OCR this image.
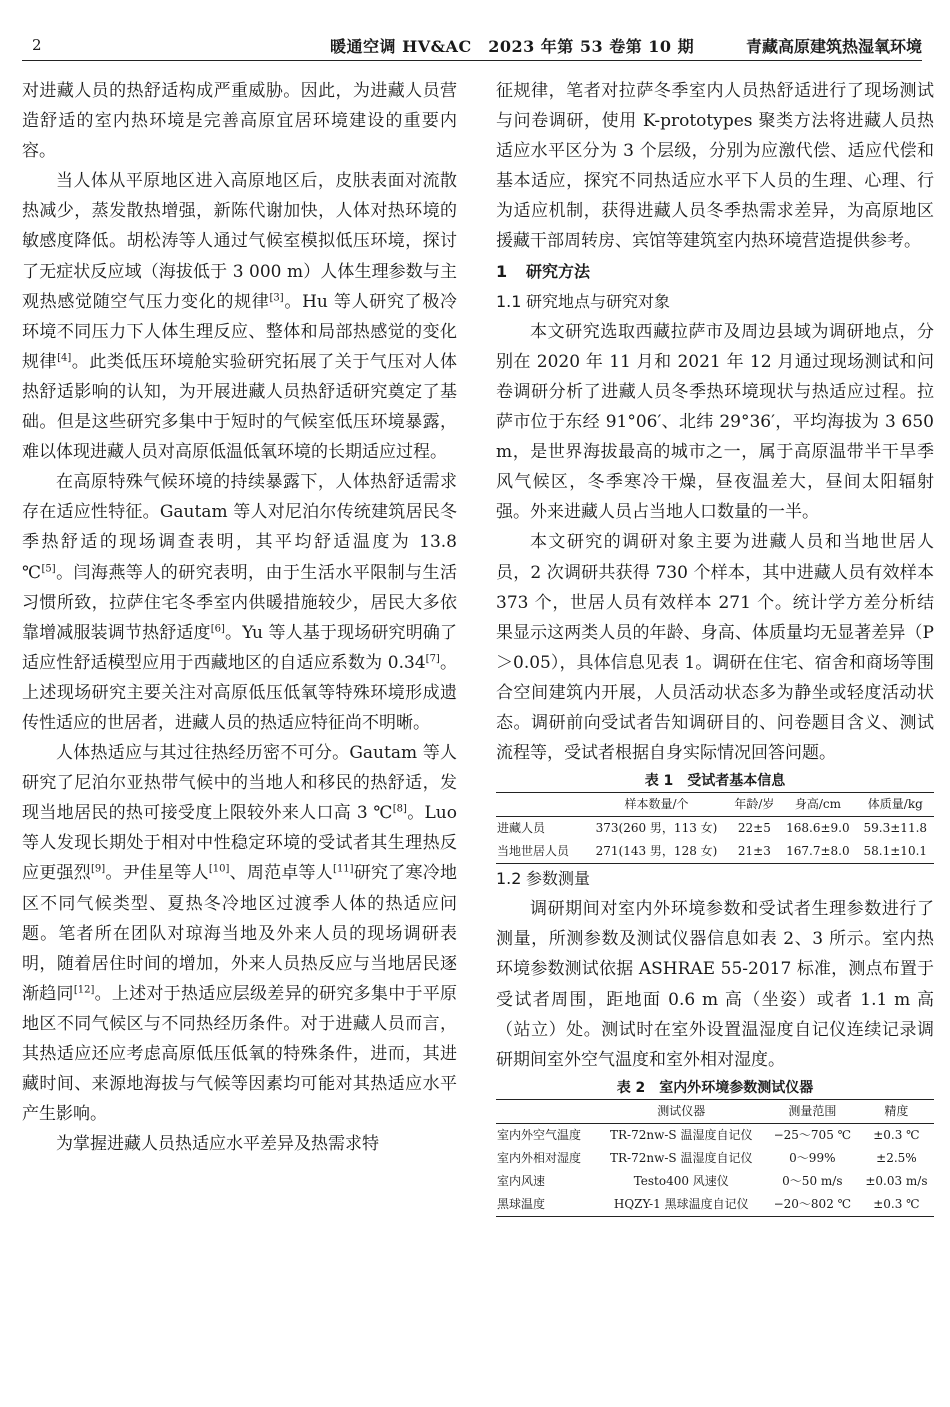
2	暖通空调 HV&AC　2023 年第 53 卷第 10 期	青藏高原建筑热湿氧环境

对进藏人员的热舒适构成严重威胁。因此，为进藏人员营造舒适的室内热环境是完善高原宜居环境建设的重要内容。

当人体从平原地区进入高原地区后，皮肤表面对流散热减少，蒸发散热增强，新陈代谢加快，人体对热环境的敏感度降低。胡松涛等人通过气候室模拟低压环境，探讨了无症状反应域（海拔低于 3 000 m）人体生理参数与主观热感觉随空气压力变化的规律[3]。Hu 等人研究了极冷环境不同压力下人体生理反应、整体和局部热感觉的变化规律[4]。此类低压环境舱实验研究拓展了关于气压对人体热舒适影响的认知，为开展进藏人员热舒适研究奠定了基础。但是这些研究多集中于短时的气候室低压环境暴露，难以体现进藏人员对高原低温低氧环境的长期适应过程。

在高原特殊气候环境的持续暴露下，人体热舒适需求存在适应性特征。Gautam 等人对尼泊尔传统建筑居民冬季热舒适的现场调查表明，其平均舒适温度为 13.8 ℃[5]。闫海燕等人的研究表明，由于生活水平限制与生活习惯所致，拉萨住宅冬季室内供暖措施较少，居民大多依靠增减服装调节热舒适度[6]。Yu 等人基于现场研究明确了适应性舒适模型应用于西藏地区的自适应系数为 0.34[7]。上述现场研究主要关注对高原低压低氧等特殊环境形成遗传性适应的世居者，进藏人员的热适应特征尚不明晰。

人体热适应与其过往热经历密不可分。Gautam 等人研究了尼泊尔亚热带气候中的当地人和移民的热舒适，发现当地居民的热可接受度上限较外来人口高 3 ℃[8]。Luo 等人发现长期处于相对中性稳定环境的受试者其生理热反应更强烈[9]。尹佳星等人[10]、周范卓等人[11]研究了寒冷地区不同气候类型、夏热冬冷地区过渡季人体的热适应问题。笔者所在团队对琼海当地及外来人员的现场调研表明，随着居住时间的增加，外来人员热反应与当地居民逐渐趋同[12]。上述对于热适应层级差异的研究多集中于平原地区不同气候区与不同热经历条件。对于进藏人员而言，其热适应还应考虑高原低压低氧的特殊条件，进而，其进藏时间、来源地海拔与气候等因素均可能对其热适应水平产生影响。

为掌握进藏人员热适应水平差异及热需求特

征规律，笔者对拉萨冬季室内人员热舒适进行了现场测试与问卷调研，使用 K-prototypes 聚类方法将进藏人员热适应水平区分为 3 个层级，分别为应激代偿、适应代偿和基本适应，探究不同热适应水平下人员的生理、心理、行为适应机制，获得进藏人员冬季热需求差异，为高原地区援藏干部周转房、宾馆等建筑室内热环境营造提供参考。

1 研究方法
1.1 研究地点与研究对象

本文研究选取西藏拉萨市及周边县域为调研地点，分别在 2020 年 11 月和 2021 年 12 月通过现场测试和问卷调研分析了进藏人员冬季热环境现状与热适应过程。拉萨市位于东经 91°06′、北纬 29°36′，平均海拔为 3 650 m，是世界海拔最高的城市之一，属于高原温带半干旱季风气候区，冬季寒冷干燥，昼夜温差大，昼间太阳辐射强。外来进藏人员占当地人口数量的一半。

本文研究的调研对象主要为进藏人员和当地世居人员，2 次调研共获得 730 个样本，其中进藏人员有效样本 373 个，世居人员有效样本 271 个。统计学方差分析结果显示这两类人员的年龄、身高、体质量均无显著差异（P＞0.05），具体信息见表 1。调研在住宅、宿舍和商场等围合空间建筑内开展，人员活动状态多为静坐或轻度活动状态。调研前向受试者告知调研目的、问卷题目含义、测试流程等，受试者根据自身实际情况回答问题。

表 1　受试者基本信息
	样本数量/个	年龄/岁	身高/cm	体质量/kg
进藏人员	373(260 男，113 女)	22±5	168.6±9.0	59.3±11.8
当地世居人员	271(143 男，128 女)	21±3	167.7±8.0	58.1±10.1
1.2 参数测量

调研期间对室内外环境参数和受试者生理参数进行了测量，所测参数及测试仪器信息如表 2、3 所示。室内热环境参数测试依据 ASHRAE 55-2017 标准，测点布置于受试者周围，距地面 0.6 m 高（坐姿）或者 1.1 m 高（站立）处。测试时在室外设置温湿度自记仪连续记录调研期间室外空气温度和室外相对湿度。

表 2　室内外环境参数测试仪器
	测试仪器	测量范围	精度
室内外空气温度	TR-72nw-S 温湿度自记仪	−25～705 ℃	±0.3 ℃
室内外相对湿度	TR-72nw-S 温湿度自记仪	0～99%	±2.5%
室内风速	Testo400 风速仪	0～50 m/s	±0.03 m/s
黑球温度	HQZY-1 黑球温度自记仪	−20～802 ℃	±0.3 ℃
